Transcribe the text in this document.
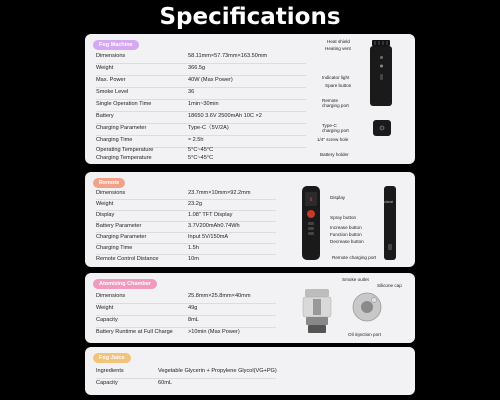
Specifications
Fog Machine
Dimensions	58.11mm×57.73mm×163.50mm
Weight	366.5g
Max. Power	40W (Max Power)
Smoke Level	36
Single Operation Time	1min~30min
Battery	18650 3.6V 2500mAh 10C ×2
Charging Parameter	Type-C（5V/2A)
Charging Time	≈ 2.5h
Operating Temperature	5°C~45°C
Charging Temperature	5°C~45°C
Heat shield
Heating vent
Indicator light
Spare button
Remote
charging port
Type-C
charging port
1/4" screw hole
Battery holder
Remote
Dimensions	23.7mm×10mm×92.2mm
Weight	23.2g
Display	1.08" TFT Display
Battery Parameter	3.7V200mAh0.74Wh
Charging Parameter	Input 5V/150mA
Charging Time	1.5h
Remote Control Distance	10m
0	ulanzi
Display
Spray button
Increase button
Function button
Decrease button
Remote charging port
Atomizing Chamber
Dimensions	25.8mm×25.8mm×40mm
Weight	49g
Capacity	8mL
Battery Runtime at Full Charge	>10min (Max Power)
Smoke outlet
Silicone cap
Oil injection port
Fog Juice
Ingredients	Vegetable Glycerin + Propylene Glycol(VG+PG)
Capacity	60mL
